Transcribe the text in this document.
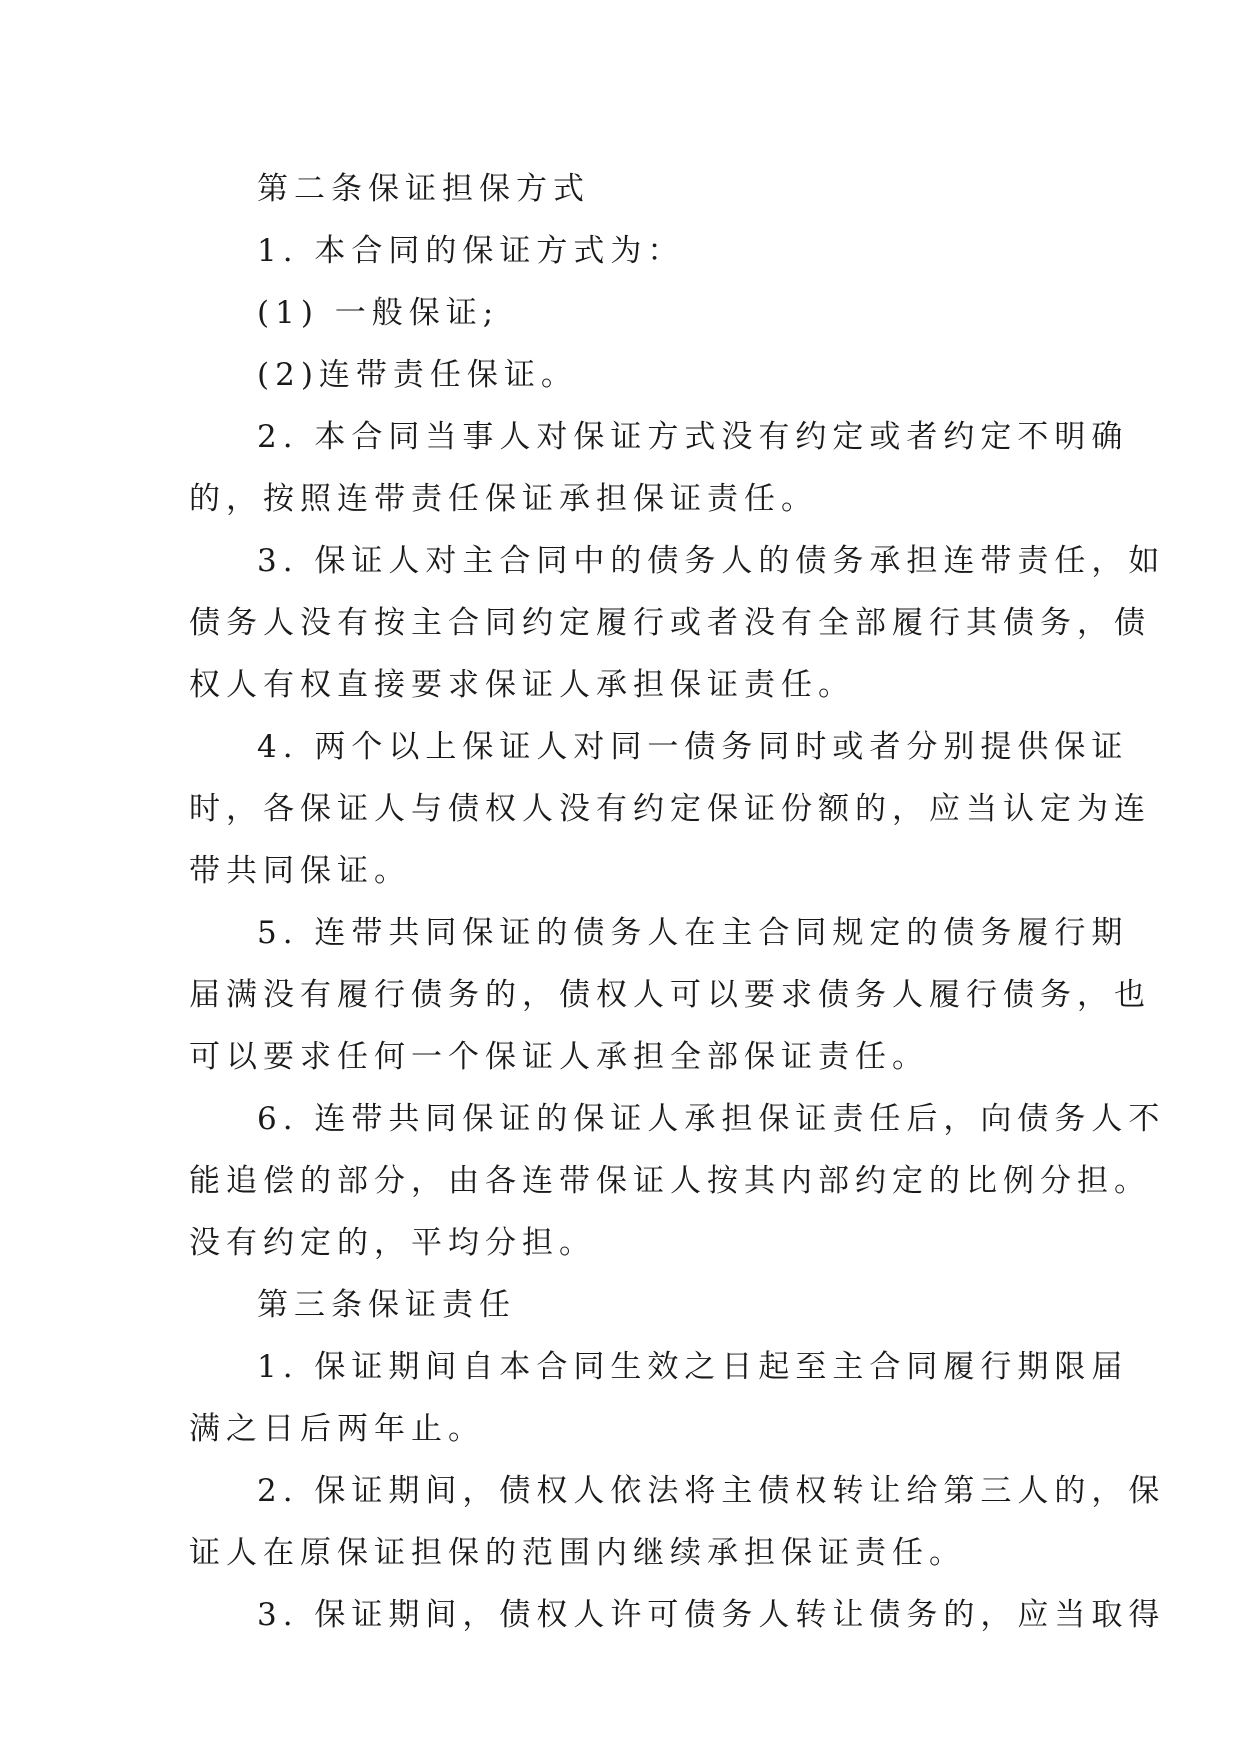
第二条保证担保方式
1. 本合同的保证方式为：
(1) 一般保证;
(2)连带责任保证。
2. 本合同当事人对保证方式没有约定或者约定不明确
的，按照连带责任保证承担保证责任。
3. 保证人对主合同中的债务人的债务承担连带责任，如
债务人没有按主合同约定履行或者没有全部履行其债务，债
权人有权直接要求保证人承担保证责任。
4. 两个以上保证人对同一债务同时或者分别提供保证
时，各保证人与债权人没有约定保证份额的，应当认定为连
带共同保证。
5. 连带共同保证的债务人在主合同规定的债务履行期
届满没有履行债务的，债权人可以要求债务人履行债务，也
可以要求任何一个保证人承担全部保证责任。
6. 连带共同保证的保证人承担保证责任后，向债务人不
能追偿的部分，由各连带保证人按其内部约定的比例分担。
没有约定的，平均分担。
第三条保证责任
1. 保证期间自本合同生效之日起至主合同履行期限届
满之日后两年止。
2. 保证期间，债权人依法将主债权转让给第三人的，保
证人在原保证担保的范围内继续承担保证责任。
3. 保证期间，债权人许可债务人转让债务的，应当取得
